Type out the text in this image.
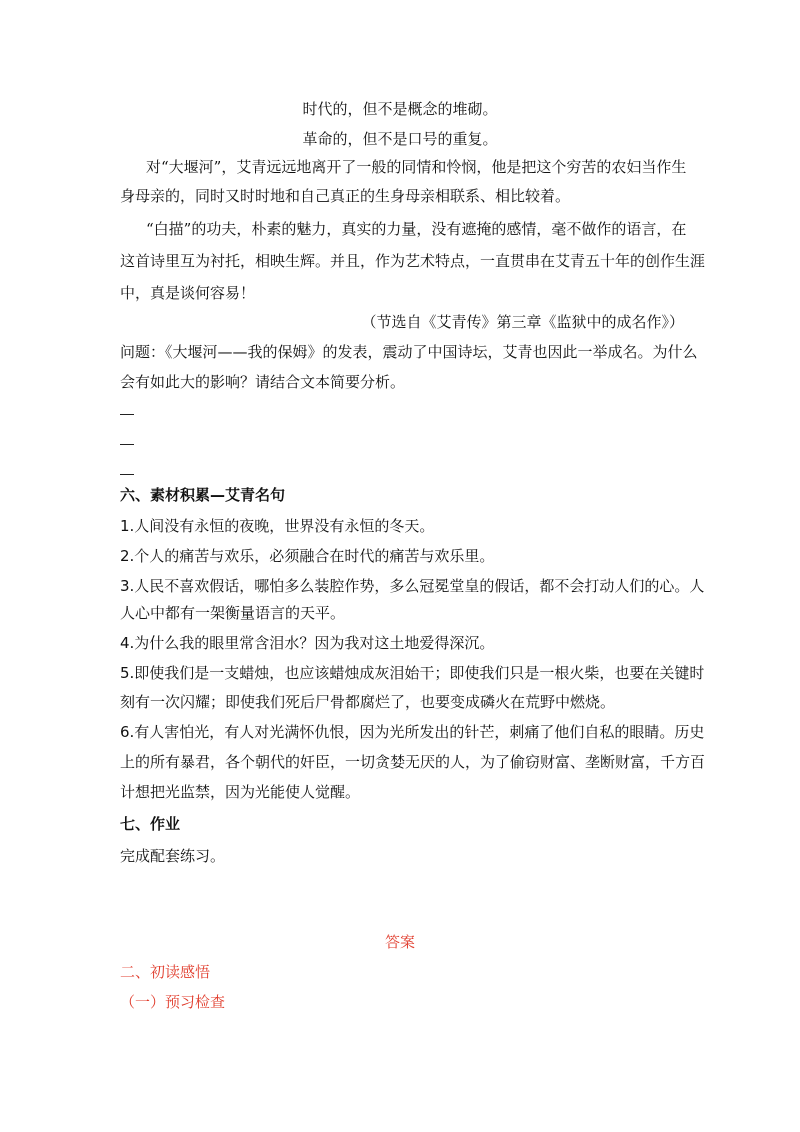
时代的，但不是概念的堆砌。
革命的，但不是口号的重复。
对“大堰河”，艾青远远地离开了一般的同情和怜悯，他是把这个穷苦的农妇当作生
身母亲的，同时又时时地和自己真正的生身母亲相联系、相比较着。
“白描”的功夫，朴素的魅力，真实的力量，没有遮掩的感情，毫不做作的语言，在
这首诗里互为衬托，相映生辉。并且，作为艺术特点，一直贯串在艾青五十年的创作生涯
中，真是谈何容易！
（节选自《艾青传》第三章《监狱中的成名作》）
问题：《大堰河——我的保姆》的发表，震动了中国诗坛，艾青也因此一举成名。为什么
会有如此大的影响？请结合文本简要分析。
六、素材积累—艾青名句
1.人间没有永恒的夜晚，世界没有永恒的冬天。
2.个人的痛苦与欢乐，必须融合在时代的痛苦与欢乐里。
3.人民不喜欢假话，哪怕多么装腔作势，多么冠冕堂皇的假话，都不会打动人们的心。人
人心中都有一架衡量语言的天平。
4.为什么我的眼里常含泪水？因为我对这土地爱得深沉。
5.即使我们是一支蜡烛，也应该蜡烛成灰泪始干；即使我们只是一根火柴，也要在关键时
刻有一次闪耀；即使我们死后尸骨都腐烂了，也要变成磷火在荒野中燃烧。
6.有人害怕光，有人对光满怀仇恨，因为光所发出的针芒，刺痛了他们自私的眼睛。历史
上的所有暴君，各个朝代的奸臣，一切贪婪无厌的人，为了偷窃财富、垄断财富，千方百
计想把光监禁，因为光能使人觉醒。
七、作业
完成配套练习。
答案
二、初读感悟
（一）预习检查
